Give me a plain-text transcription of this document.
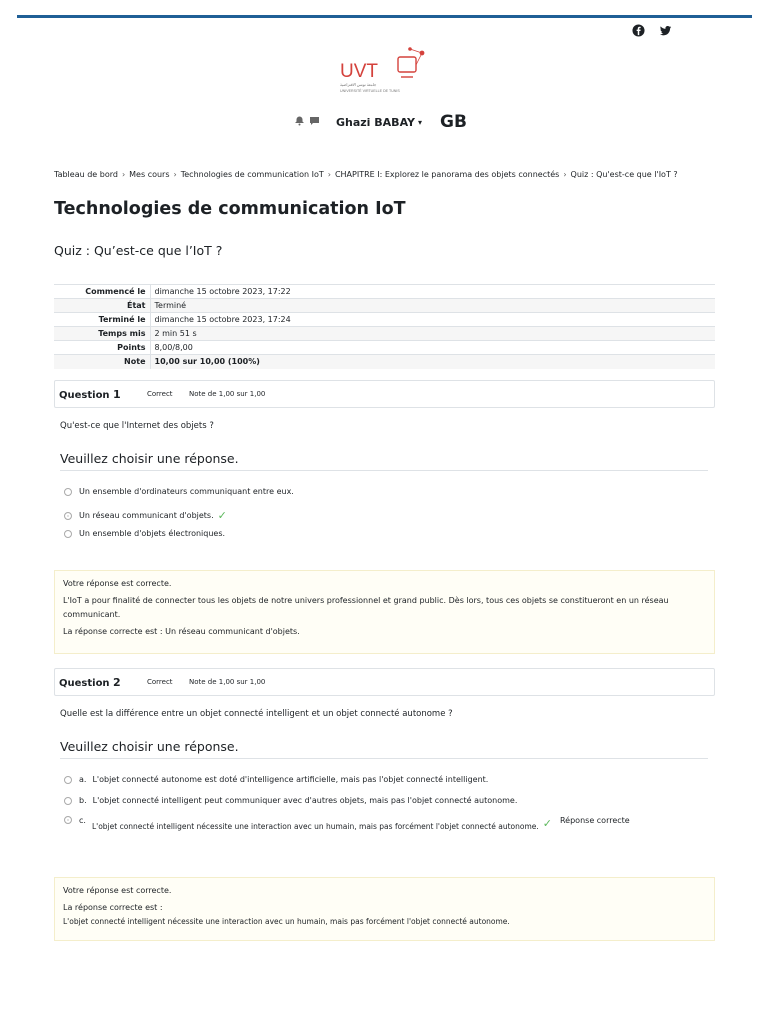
UVT
جامعة تونس الافتراضية
UNIVERSITÉ VIRTUELLE DE TUNIS
Ghazi BABAY ▾ GB
Tableau de bord › Mes cours › Technologies de communication IoT › CHAPITRE I: Explorez le panorama des objets connectés › Quiz : Qu'est-ce que l'IoT ?
Technologies de communication IoT
Quiz : Qu’est-ce que l’IoT ?
Commencé le	dimanche 15 octobre 2023, 17:22
État	Terminé
Terminé le	dimanche 15 octobre 2023, 17:24
Temps mis	2 min 51 s
Points	8,00/8,00
Note	10,00 sur 10,00 (100%)
Question 1	Correct	Note de 1,00 sur 1,00
Qu'est-ce que l'Internet des objets ?
Veuillez choisir une réponse.
Un ensemble d'ordinateurs communiquant entre eux.
Un réseau communicant d'objets. ✓
Un ensemble d'objets électroniques.

Votre réponse est correcte.

L'IoT a pour finalité de connecter tous les objets de notre univers professionnel et grand public. Dès lors, tous ces objets se constitueront en un réseau communicant.

La réponse correcte est : Un réseau communicant d'objets.

Question 2	Correct	Note de 1,00 sur 1,00
Quelle est la différence entre un objet connecté intelligent et un objet connecté autonome ?
Veuillez choisir une réponse.
a. L'objet connecté autonome est doté d'intelligence artificielle, mais pas l'objet connecté intelligent.
b. L'objet connecté intelligent peut communiquer avec d'autres objets, mais pas l'objet connecté autonome.
c.
L'objet connecté intelligent nécessite une interaction avec un humain, mais pas forcément l'objet connecté autonome. ✓ Réponse correcte

Votre réponse est correcte.

La réponse correcte est :

L'objet connecté intelligent nécessite une interaction avec un humain, mais pas forcément l'objet connecté autonome.
